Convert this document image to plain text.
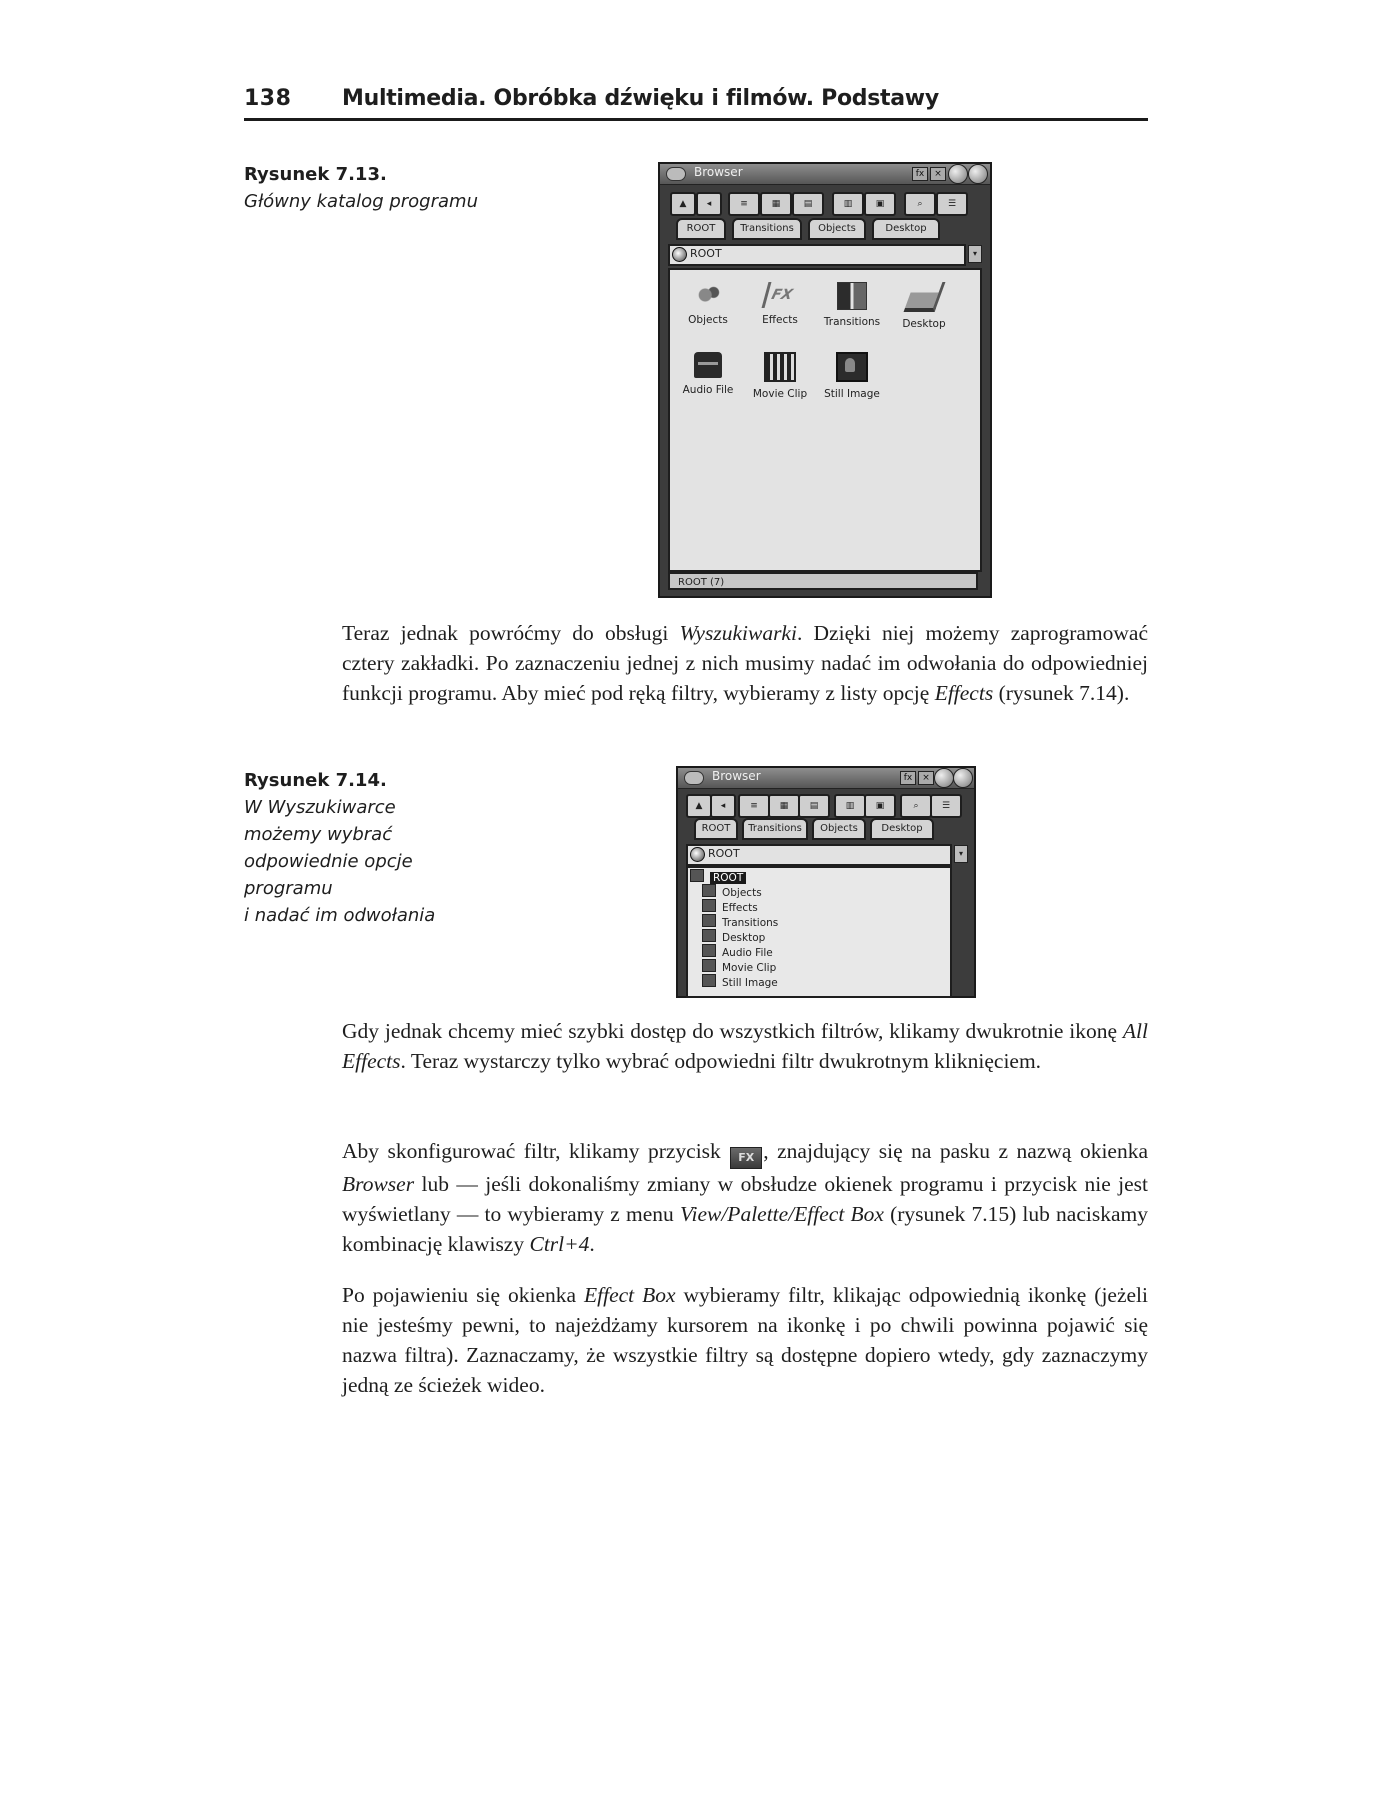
138 Multimedia. Obróbka dźwięku i filmów. Podstawy
Rysunek 7.13.
Główny katalog programu
Browser	fx	×
▲	◂	≡	▦	▤	▥	▣	⌕	☰
ROOT	Transitions	Objects	Desktop
ROOT	▾
Objects
FX
Effects	Transitions	Desktop
Audio File	Movie Clip	Still Image
ROOT (7)
Teraz jednak powróćmy do obsługi Wyszukiwarki. Dzięki niej możemy zaprogramować cztery zakładki. Po zaznaczeniu jednej z nich musimy nadać im odwołania do odpowiedniej funkcji programu. Aby mieć pod ręką filtry, wybieramy z listy opcję Effects (rysunek 7.14).
Rysunek 7.14.
W Wyszukiwarce
możemy wybrać
odpowiednie opcje programu
i nadać im odwołania
Browser	fx	×
▲	◂	≡	▦	▤	▥	▣	⌕	☰
ROOT	Transitions	Objects	Desktop
ROOT	▾
ROOT
Objects
Effects
Transitions
Desktop
Audio File
Movie Clip
Still Image
Gdy jednak chcemy mieć szybki dostęp do wszystkich filtrów, klikamy dwukrotnie ikonę All Effects. Teraz wystarczy tylko wybrać odpowiedni filtr dwukrotnym kliknięciem.
Aby skonfigurować filtr, klikamy przycisk FX , znajdujący się na pasku z nazwą okienka Browser lub — jeśli dokonaliśmy zmiany w obsłudze okienek programu i przycisk nie jest wyświetlany — to wybieramy z menu View/Palette/Effect Box (rysunek 7.15) lub naciskamy kombinację klawiszy Ctrl+4.
Po pojawieniu się okienka Effect Box wybieramy filtr, klikając odpowiednią ikonkę (jeżeli nie jesteśmy pewni, to najeżdżamy kursorem na ikonkę i po chwili powinna pojawić się nazwa filtra). Zaznaczamy, że wszystkie filtry są dostępne dopiero wtedy, gdy zaznaczymy jedną ze ścieżek wideo.
